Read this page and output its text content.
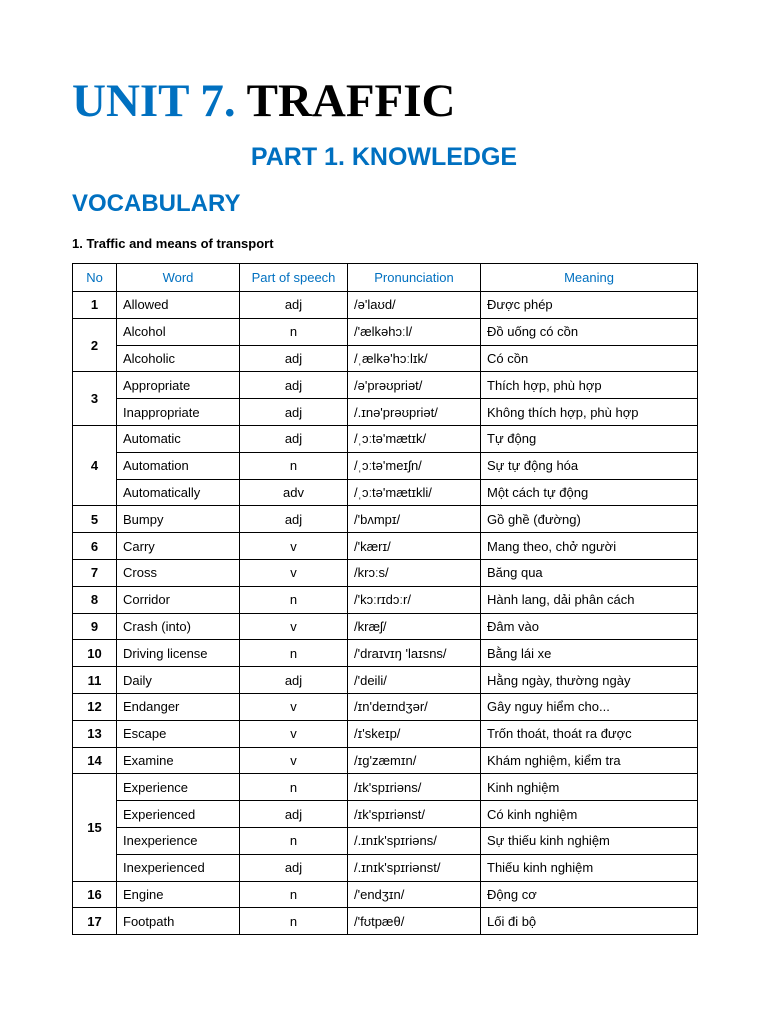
UNIT 7. TRAFFIC
PART 1. KNOWLEDGE
VOCABULARY

1. Traffic and means of transport

No	Word	Part of speech	Pronunciation	Meaning
1	Allowed	adj	/ə'laʊd/	Được phép
2	Alcohol	n	/'ælkəhɔːl/	Đồ uống có cồn
	Alcoholic	adj	/ˌælkə'hɔːlɪk/	Có cồn
3	Appropriate	adj	/ə'prəʊpriət/	Thích hợp, phù hợp
	Inappropriate	adj	/.ɪnə'prəʊpriət/	Không thích hợp, phù hợp
4	Automatic	adj	/ˌɔːtə'mætɪk/	Tự động
	Automation	n	/ˌɔːtə'meɪʃn/	Sự tự động hóa
	Automatically	adv	/ˌɔːtə'mætɪkli/	Một cách tự động
5	Bumpy	adj	/'bʌmpɪ/	Gồ ghề (đường)
6	Carry	v	/'kærɪ/	Mang theo, chở người
7	Cross	v	/krɔːs/	Băng qua
8	Corridor	n	/'kɔːrɪdɔːr/	Hành lang, dải phân cách
9	Crash (into)	v	/kræʃ/	Đâm vào
10	Driving license	n	/'draɪvɪŋ 'laɪsns/	Bằng lái xe
11	Daily	adj	/'deili/	Hằng ngày, thường ngày
12	Endanger	v	/ɪn'deɪndʒər/	Gây nguy hiểm cho...
13	Escape	v	/ɪ'skeɪp/	Trốn thoát, thoát ra được
14	Examine	v	/ɪg'zæmɪn/	Khám nghiệm, kiểm tra
15	Experience	n	/ɪk'spɪriəns/	Kinh nghiệm
	Experienced	adj	/ɪk'spɪriənst/	Có kinh nghiệm
	Inexperience	n	/.ɪnɪk'spɪriəns/	Sự thiếu kinh nghiệm
	Inexperienced	adj	/.ɪnɪk'spɪriənst/	Thiếu kinh nghiệm
16	Engine	n	/'endʒɪn/	Động cơ
17	Footpath	n	/'fʊtpæθ/	Lối đi bộ
